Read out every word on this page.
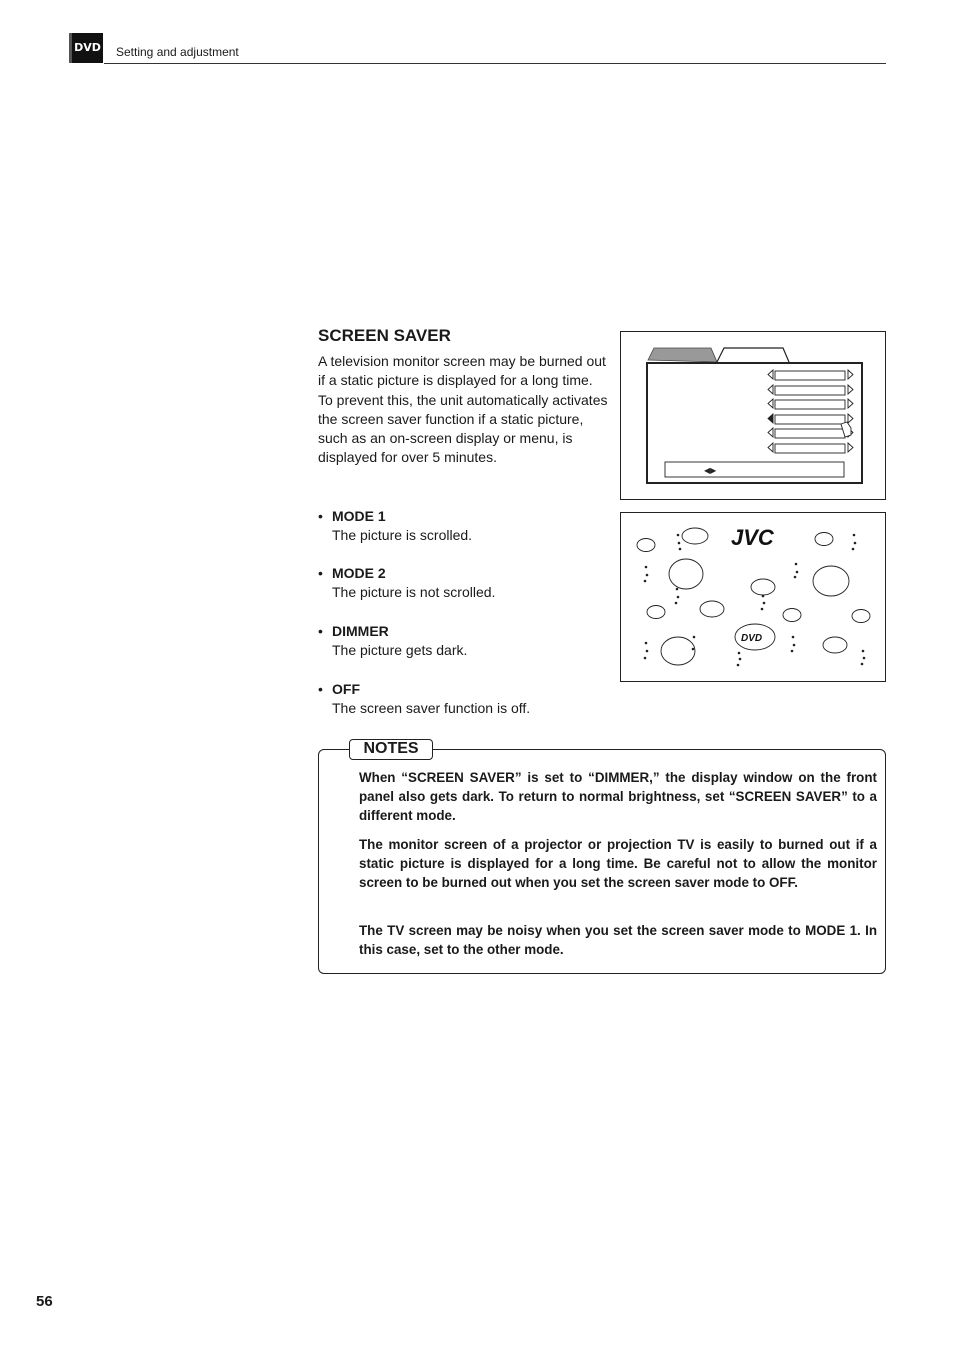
DVD Setting and adjustment
SCREEN SAVER

A television monitor screen may be burned out if a static picture is displayed for a long time. To prevent this, the unit automatically activates the screen saver function if a static picture, such as an on-screen display or menu, is displayed for over 5 minutes.

• MODE 1
The picture is scrolled.
• MODE 2
The picture is not scrolled.
• DIMMER
The picture gets dark.
• OFF
The screen saver function is off.
◀▶
JVC
DVD
NOTES

When “SCREEN SAVER” is set to “DIMMER,” the display window on the front panel also gets dark. To return to normal brightness, set “SCREEN SAVER” to a different mode.

The monitor screen of a projector or projection TV is easily to burned out if a static picture is displayed for a long time. Be careful not to allow the monitor screen to be burned out when you set the screen saver mode to OFF.

The TV screen may be noisy when you set the screen saver mode to MODE 1. In this case, set to the other mode.

56
